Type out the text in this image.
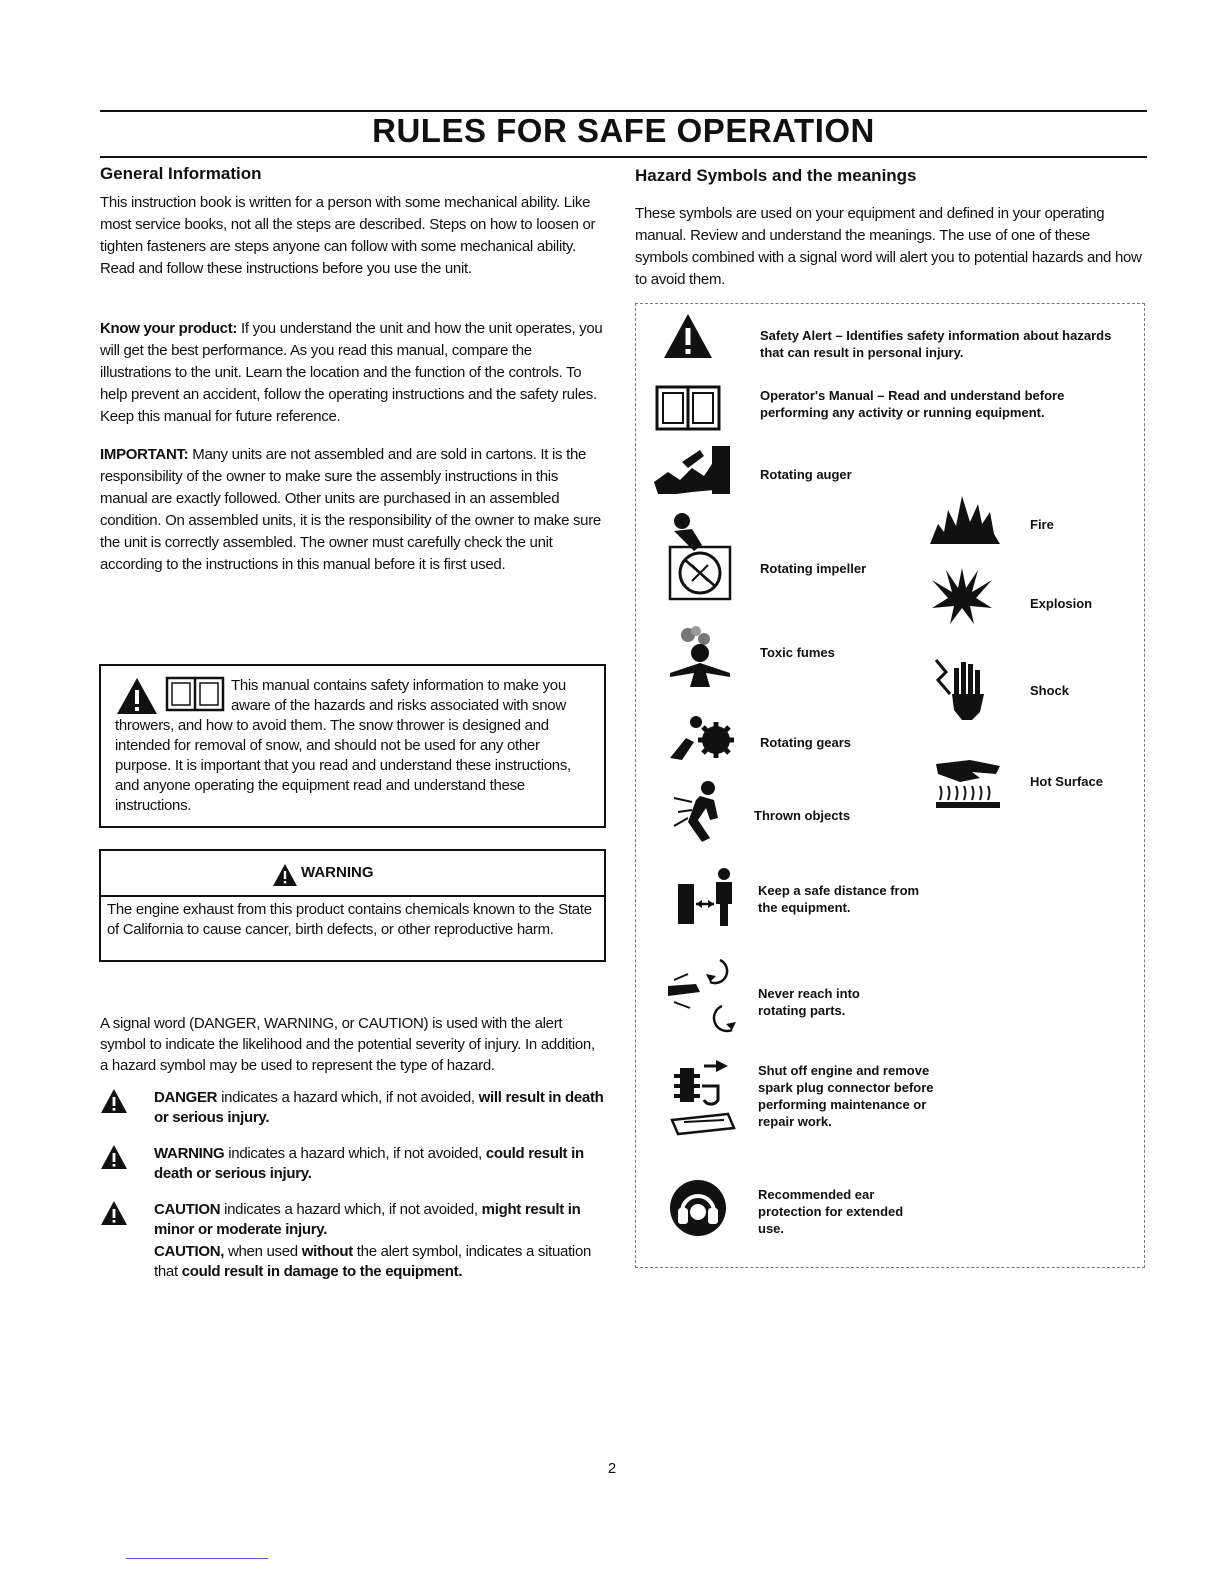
RULES FOR SAFE OPERATION
General Information
This instruction book is written for a person with some mechanical ability. Like most service books, not all the steps are described. Steps on how to loosen or tighten fasteners are steps anyone can follow with some mechanical ability. Read and follow these instructions before you use the unit.
Know your product: If you understand the unit and how the unit operates, you will get the best performance. As you read this manual, compare the illustrations to the unit. Learn the location and the function of the controls. To help prevent an accident, follow the operating instructions and the safety rules. Keep this manual for future reference.
IMPORTANT: Many units are not assembled and are sold in cartons. It is the responsibility of the owner to make sure the assembly instructions in this manual are exactly followed. Other units are purchased in an assembled condition. On assembled units, it is the responsibility of the owner to make sure the unit is correctly assembled. The owner must carefully check the unit according to the instructions in this manual before it is first used.
This manual contains safety information to make you aware of the hazards and risks associated with snow throwers, and how to avoid them. The snow thrower is designed and intended for removal of snow, and should not be used for any other purpose. It is important that you read and understand these instructions, and anyone operating the equipment read and understand these instructions.
WARNING
The engine exhaust from this product contains chemicals known to the State of California to cause cancer, birth defects, or other reproductive harm.
A signal word (DANGER, WARNING, or CAUTION) is used with the alert symbol to indicate the likelihood and the potential severity of injury. In addition, a hazard symbol may be used to represent the type of hazard.
DANGER indicates a hazard which, if not avoided, will result in death or serious injury.
WARNING indicates a hazard which, if not avoided, could result in death or serious injury.
CAUTION indicates a hazard which, if not avoided, might result in minor or moderate injury.
CAUTION, when used without the alert symbol, indicates a situation that could result in damage to the equipment.
Hazard Symbols and the meanings
These symbols are used on your equipment and defined in your operating manual. Review and understand the meanings. The use of one of these symbols combined with a signal word will alert you to potential hazards and how to avoid them.
Safety Alert – Identifies safety information about hazards that can result in personal injury.
Operator's Manual – Read and understand before performing any activity or running equipment.
Rotating auger
Rotating impeller
Toxic fumes
Rotating gears
Thrown objects
Keep a safe distance from the equipment.
Never reach into rotating parts.
Shut off engine and remove spark plug connector before performing maintenance or repair work.
Recommended ear protection for extended use.
Fire
Explosion
Shock
Hot Surface
2
